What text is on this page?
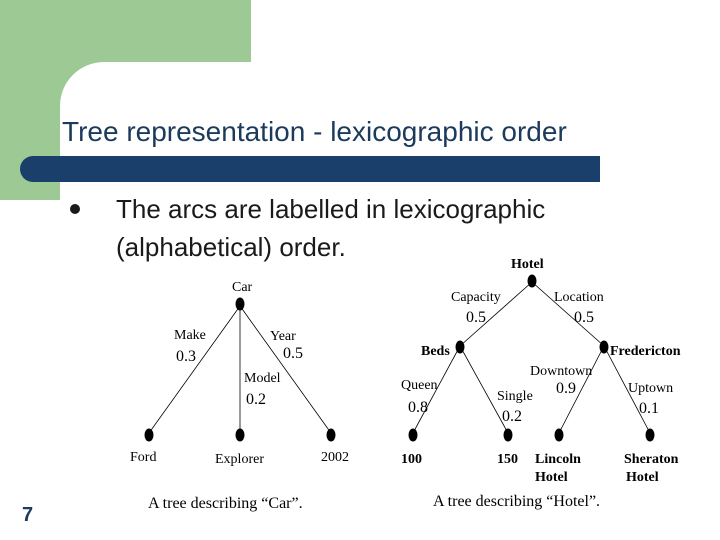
Tree representation - lexicographic order
The arcs are labelled in lexicographic (alphabetical) order.
Car
Make
0.3
Year
0.5
Model
0.2
Ford	Explorer	2002
A tree describing “Car”.
Hotel
Capacity
0.5
Location
0.5
Beds	Fredericton
Queen
0.8
Single
0.2
Downtown
0.9	Uptown
0.1
100	150 Lincoln
Hotel
Sheraton
Hotel
A tree describing “Hotel”.
7
